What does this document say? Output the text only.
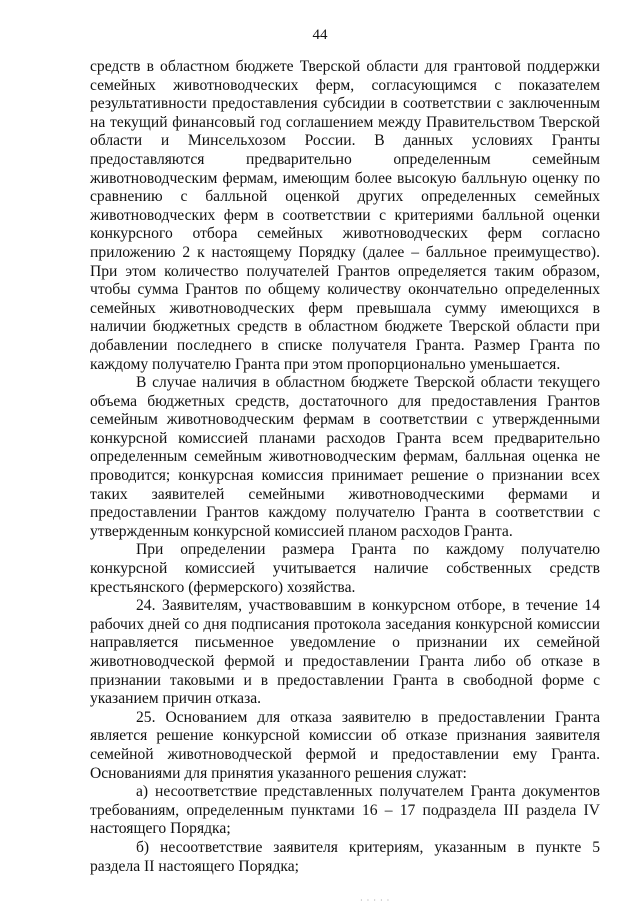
44

средств в областном бюджете Тверской области для грантовой поддержки семейных животноводческих ферм, согласующимся с показателем результативности предоставления субсидии в соответствии с заключенным на текущий финансовый год соглашением между Правительством Тверской области и Минсельхозом России. В данных условиях Гранты предоставляются предварительно определенным семейным животноводческим фермам, имеющим более высокую балльную оценку по сравнению с балльной оценкой других определенных семейных животноводческих ферм в соответствии с критериями балльной оценки конкурсного отбора семейных животноводческих ферм согласно приложению 2 к настоящему Порядку (далее – балльное преимущество). При этом количество получателей Грантов определяется таким образом, чтобы сумма Грантов по общему количеству окончательно определенных семейных животноводческих ферм превышала сумму имеющихся в наличии бюджетных средств в областном бюджете Тверской области при добавлении последнего в списке получателя Гранта. Размер Гранта по каждому получателю Гранта при этом пропорционально уменьшается.

В случае наличия в областном бюджете Тверской области текущего объема бюджетных средств, достаточного для предоставления Грантов семейным животноводческим фермам в соответствии с утвержденными конкурсной комиссией планами расходов Гранта всем предварительно определенным семейным животноводческим фермам, балльная оценка не проводится; конкурсная комиссия принимает решение о признании всех таких заявителей семейными животноводческими фермами и предоставлении Грантов каждому получателю Гранта в соответствии с утвержденным конкурсной комиссией планом расходов Гранта.

При определении размера Гранта по каждому получателю конкурсной комиссией учитывается наличие собственных средств крестьянского (фермерского) хозяйства.

24. Заявителям, участвовавшим в конкурсном отборе, в течение 14 рабочих дней со дня подписания протокола заседания конкурсной комиссии направляется письменное уведомление о признании их семейной животноводческой фермой и предоставлении Гранта либо об отказе в признании таковыми и в предоставлении Гранта в свободной форме с указанием причин отказа.

25. Основанием для отказа заявителю в предоставлении Гранта является решение конкурсной комиссии об отказе признания заявителя семейной животноводческой фермой и предоставлении ему Гранта. Основаниями для принятия указанного решения служат:

а) несоответствие представленных получателем Гранта документов требованиям, определенным пунктами 16 – 17 подраздела III раздела IV настоящего Порядка;

б) несоответствие заявителя критериям, указанным в пункте 5 раздела II настоящего Порядка;

· · · · ·
